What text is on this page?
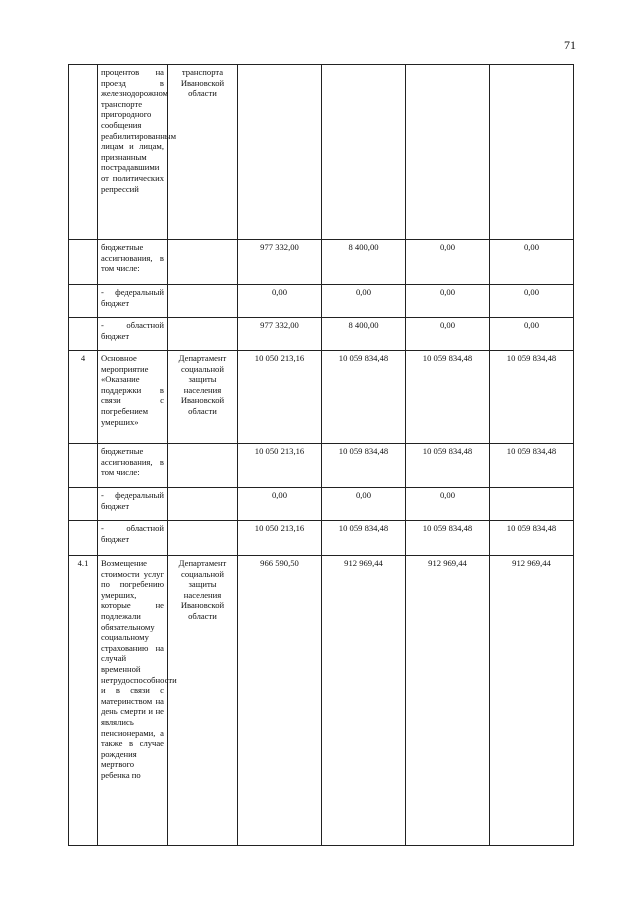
71

	процентов на проезд в железнодорожном транспорте пригородного сообщения реабилитированным лицам и лицам, признанным пострадавшими от политических репрессий	транспорта Ивановской области				

	бюджетные ассигнования, в том числе:		977 332,00	8 400,00	0,00	0,00

	- федеральный бюджет		0,00	0,00	0,00	0,00

	- областной бюджет		977 332,00	8 400,00	0,00	0,00
4	Основное мероприятие «Оказание поддержки в связи с погребением умерших»	Департамент социальной защиты населения Ивановской области	10 050 213,16	10 059 834,48	10 059 834,48	10 059 834,48

	бюджетные ассигнования, в том числе:		10 050 213,16	10 059 834,48	10 059 834,48	10 059 834,48

	- федеральный бюджет		0,00	0,00	0,00	

	- областной бюджет		10 050 213,16	10 059 834,48	10 059 834,48	10 059 834,48
4.1	Возмещение стоимости услуг по погребению умерших, которые не подлежали обязательному социальному страхованию на случай временной нетрудоспособности и в связи с материнством на день смерти и не являлись пенсионерами, а также в случае рождения мертвого ребенка по	Департамент социальной защиты населения Ивановской области	966 590,50	912 969,44	912 969,44	912 969,44
